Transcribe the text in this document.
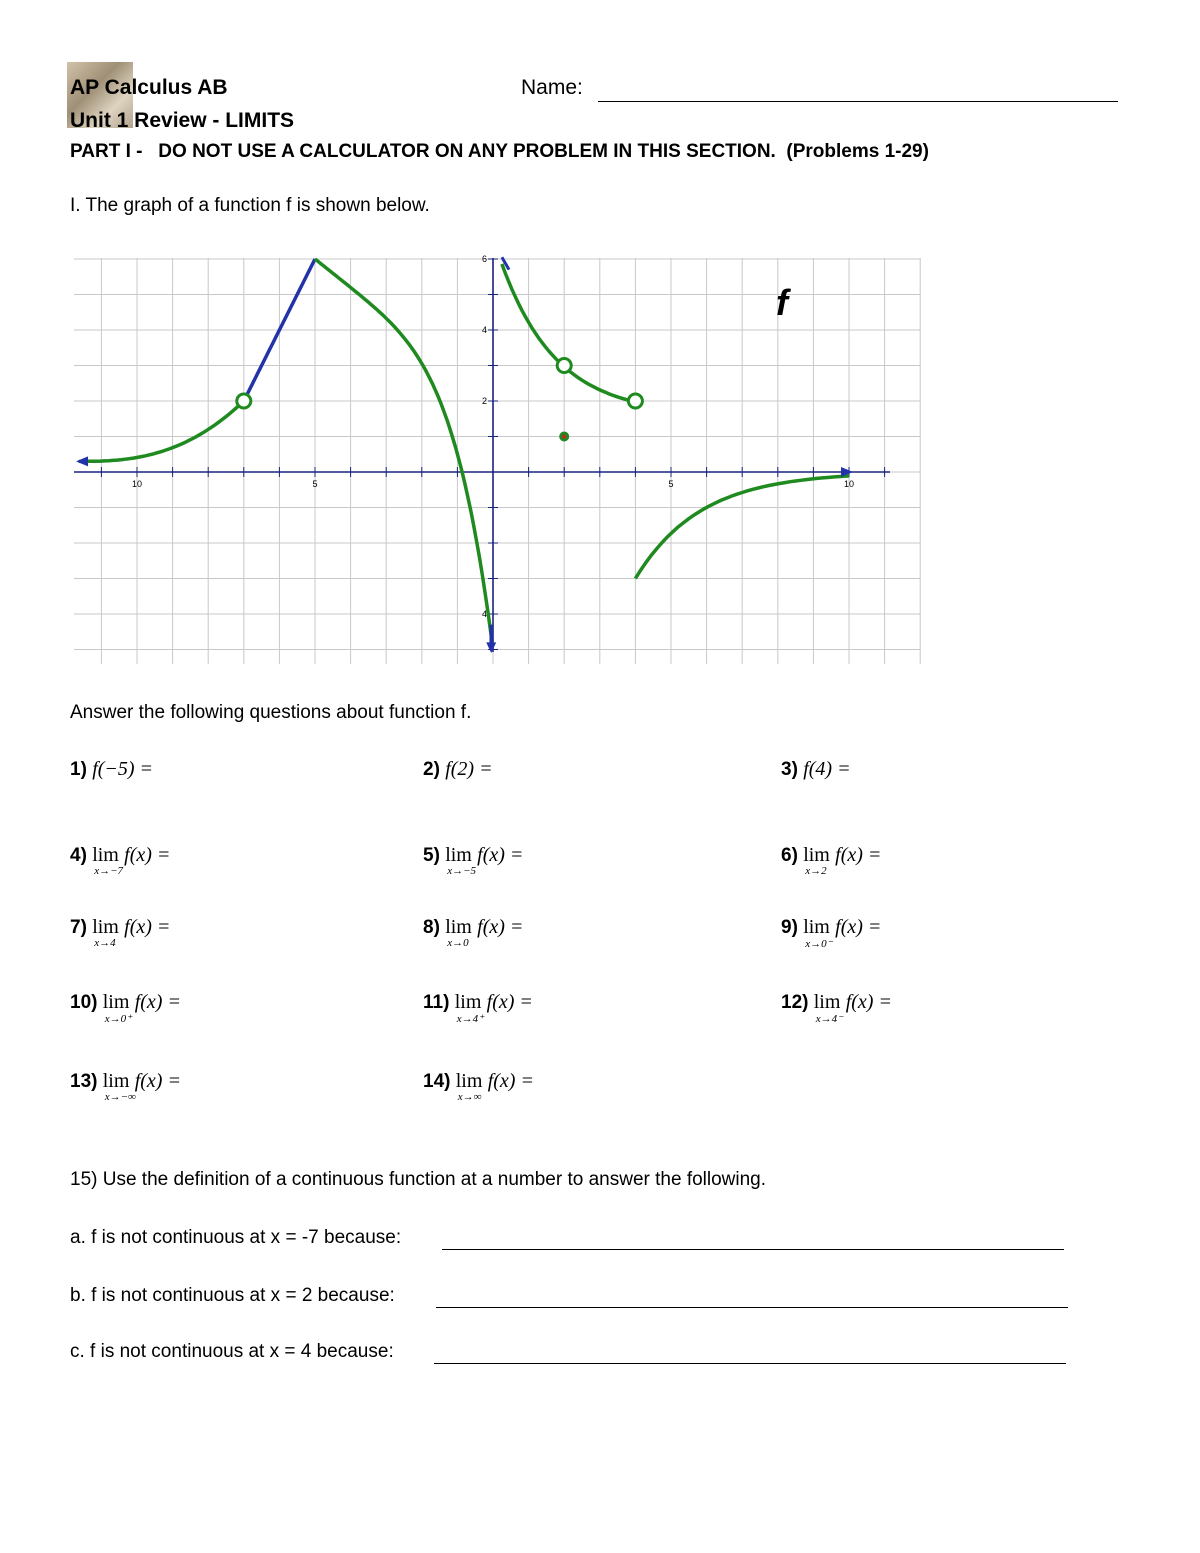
AP Calculus AB
Unit 1 Review - LIMITS
Name:
PART I -   DO NOT USE A CALCULATOR ON ANY PROBLEM IN THIS SECTION.  (Problems 1-29)
I. The graph of a function f is shown below.
10	5	5	10
6
4
2
4
f
Answer the following questions about function f.
1) f(−5) =	2) f(2) =	3) f(4) =
4) lim
x→−7
f(x) =	5) lim
x→−5
f(x) =	6) lim
x→2
f(x) =
7) lim
x→4
f(x) =	8) lim
x→0
f(x) =	9) lim
x→0⁻
f(x) =
10) lim
x→0⁺
f(x) =	11) lim
x→4⁺
f(x) =	12) lim
x→4⁻
f(x) =
13) lim
x→−∞
f(x) =	14) lim
x→∞
f(x) =
15) Use the definition of a continuous function at a number to answer the following.
a. f is not continuous at x = -7 because:
b. f is not continuous at x = 2 because:
c. f is not continuous at x = 4 because:
